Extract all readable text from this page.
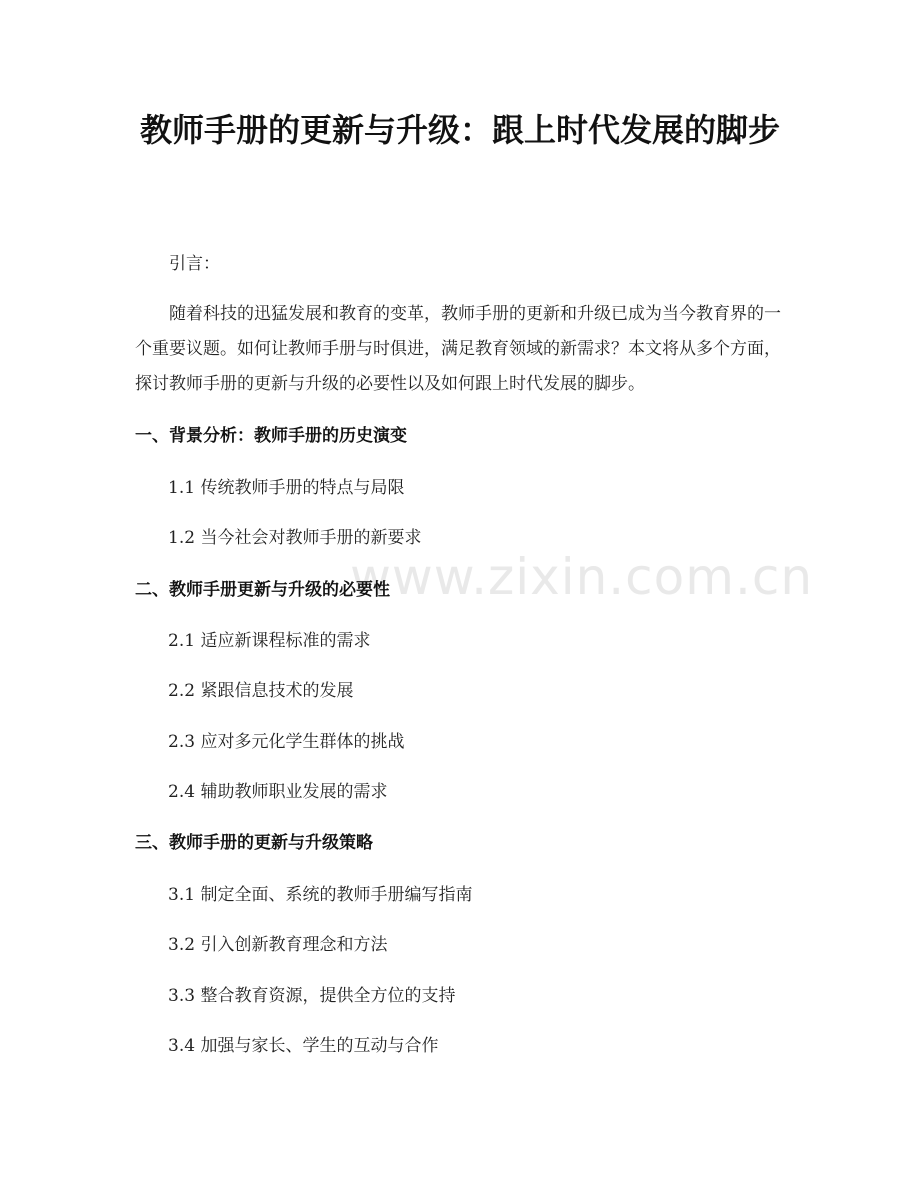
www.zixin.com.cn
教师手册的更新与升级：跟上时代发展的脚步

引言：

随着科技的迅猛发展和教育的变革，教师手册的更新和升级已成为当今教育界的一个重要议题。如何让教师手册与时俱进，满足教育领域的新需求？本文将从多个方面，探讨教师手册的更新与升级的必要性以及如何跟上时代发展的脚步。

一、背景分析：教师手册的历史演变

1.1 传统教师手册的特点与局限

1.2 当今社会对教师手册的新要求

二、教师手册更新与升级的必要性

2.1 适应新课程标准的需求

2.2 紧跟信息技术的发展

2.3 应对多元化学生群体的挑战

2.4 辅助教师职业发展的需求

三、教师手册的更新与升级策略

3.1 制定全面、系统的教师手册编写指南

3.2 引入创新教育理念和方法

3.3 整合教育资源，提供全方位的支持

3.4 加强与家长、学生的互动与合作
